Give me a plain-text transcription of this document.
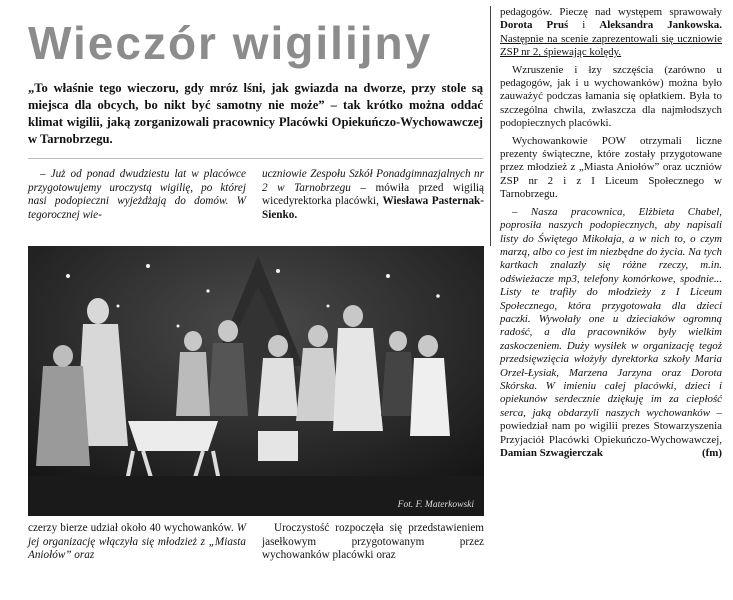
Wieczór wigilijny
„To właśnie tego wieczoru, gdy mróz lśni, jak gwiazda na dworze, przy stole są miejsca dla obcych, bo nikt być samotny nie może” – tak krótko można oddać klimat wigilii, jaką zorganizowali pracownicy Placówki Opiekuńczo-Wychowawczej w Tarnobrzegu.

– Już od ponad dwudziestu lat w placówce przygotowujemy uroczystą wigilię, po której nasi podopieczni wyjeżdżają do domów. W tegorocznej wie-

uczniowie Zespołu Szkół Ponadgimnazjalnych nr 2 w Tarnobrzegu – mówiła przed wigilią wicedyrektorka placówki, Wiesława Pasternak-Sienko.

Fot. F. Materkowski

czerzy bierze udział około 40 wychowanków. W jej organizację włączyła się młodzież z „Miasta Aniołów” oraz

Uroczystość rozpoczęła się przedstawieniem jasełkowym przygotowanym przez wychowanków placówki oraz

pedagogów. Pieczę nad występem sprawowały Dorota Pruś i Aleksandra Jankowska. Następnie na scenie zaprezentowali się uczniowie ZSP nr 2, śpiewając kolędy.

Wzruszenie i łzy szczęścia (zarówno u pedagogów, jak i u wychowanków) można było zauważyć podczas łamania się opłatkiem. Była to szczególna chwila, zwłaszcza dla najmłodszych podopiecznych placówki.

Wychowankowie POW otrzymali liczne prezenty świąteczne, które zostały przygotowane przez młodzież z „Miasta Aniołów” oraz uczniów ZSP nr 2 i z I Liceum Społecznego w Tarnobrzegu.

– Nasza pracownica, Elżbieta Chabel, poprosiła naszych podopiecznych, aby napisali listy do Świętego Mikołaja, a w nich to, o czym marzą, albo co jest im niezbędne do życia. Na tych kartkach znalazły się różne rzeczy, m.in. odświeżacze mp3, telefony komórkowe, spodnie... Listy te trafiły do młodzieży z I Liceum Społecznego, która przygotowała dla dzieci paczki. Wywołały one u dzieciaków ogromną radość, a dla pracowników były wielkim zaskoczeniem. Duży wysiłek w organizację tegoż przedsięwzięcia włożyły dyrektorka szkoły Maria Orzeł-Łysiak, Marzena Jarzyna oraz Dorota Skórska. W imieniu całej placówki, dzieci i opiekunów serdecznie dziękuję im za ciepłość serca, jaką obdarzyli naszych wychowanków – powiedział nam po wigilii prezes Stowarzyszenia Przyjaciół Placówki Opiekuńczo-Wychowawczej, Damian Szwagierczak	(fm)
